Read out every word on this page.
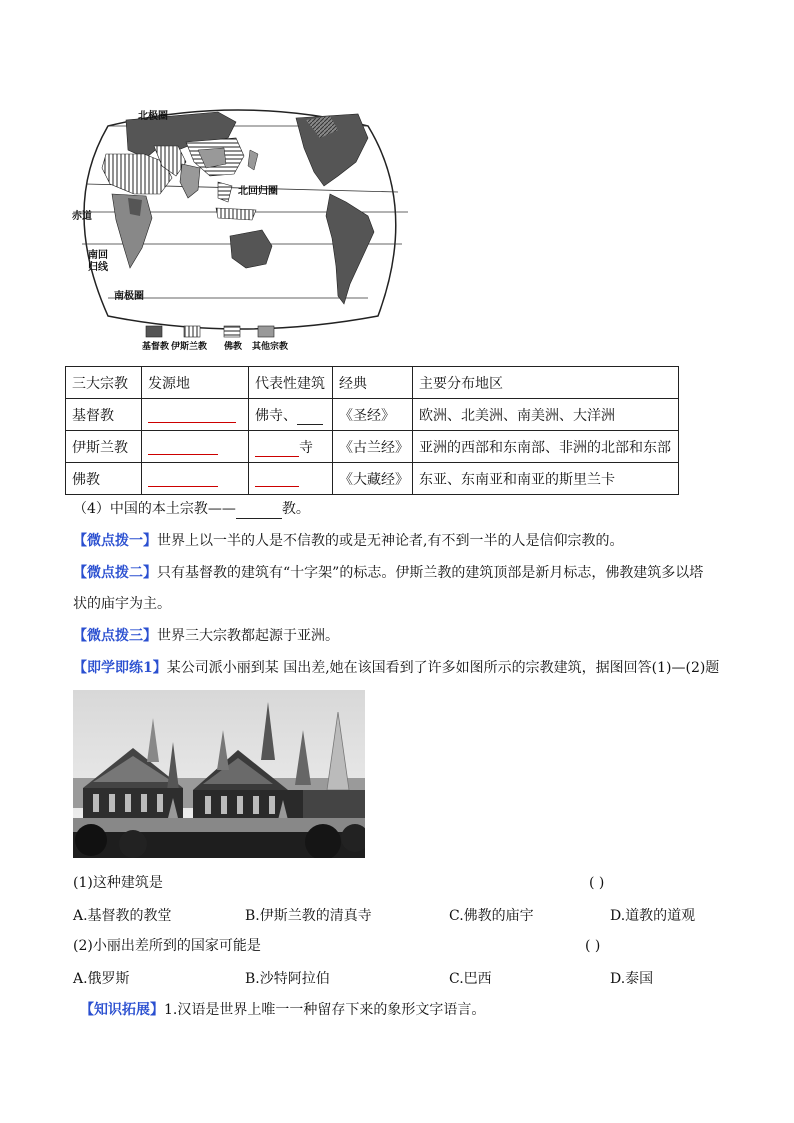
北极圈
北回归圈
赤道
南回
归线
南极圈
基督教 伊斯兰教 佛教 其他宗教
三大宗教	发源地	代表性建筑	经典	主要分布地区
基督教		佛寺、	《圣经》	欧洲、北美洲、南美洲、大洋洲
伊斯兰教		寺	《古兰经》	亚洲的西部和东南部、非洲的北部和东部
佛教			《大藏经》	东亚、东南亚和南亚的斯里兰卡
（4）中国的本土宗教——	教。
【微点拨一】世界上以一半的人是不信教的或是无神论者,有不到一半的人是信仰宗教的。
【微点拨二】只有基督教的建筑有“十字架”的标志。伊斯兰教的建筑顶部是新月标志，佛教建筑多以塔
状的庙宇为主。
【微点拨三】世界三大宗教都起源于亚洲。
【即学即练1】某公司派小丽到某 国出差,她在该国看到了许多如图所示的宗教建筑，据图回答(1)—(2)题
(1)这种建筑是	( )
A.基督教的教堂	B.伊斯兰教的清真寺	C.佛教的庙宇	D.道教的道观
(2)小丽出差所到的国家可能是	( )
A.俄罗斯	B.沙特阿拉伯	C.巴西	D.泰国
【知识拓展】1.汉语是世界上唯一一种留存下来的象形文字语言。
